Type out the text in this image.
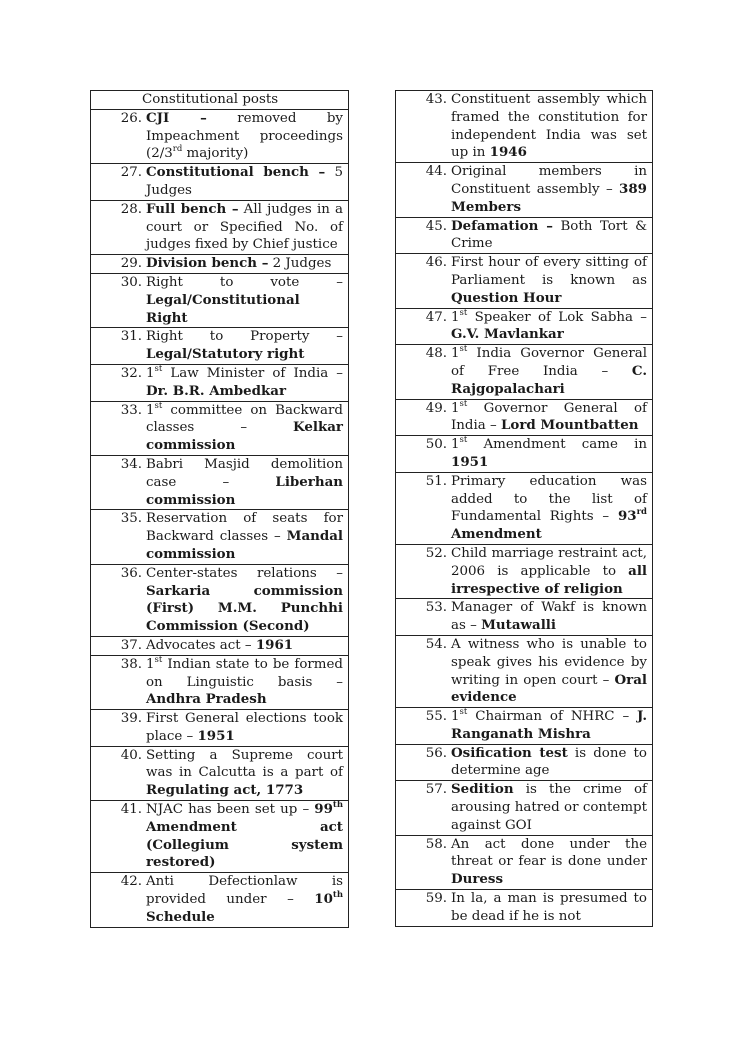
Constitutional posts

26. CJI – removed by Impeachment proceedings (2/3rd majority)

27. Constitutional bench – 5 Judges

28. Full bench – All judges in a court or Specified No. of judges fixed by Chief justice

29. Division bench – 2 Judges

30. Right to vote – Legal/Constitutional Right

31. Right to Property – Legal/Statutory right

32. 1st Law Minister of India – Dr. B.R. Ambedkar

33. 1st committee on Backward classes – Kelkar commission

34. Babri Masjid demolition case – Liberhan commission

35. Reservation of seats for Backward classes – Mandal commission

36. Center-states relations – Sarkaria commission (First) M.M. Punchhi Commission (Second)

37. Advocates act – 1961

38. 1st Indian state to be formed on Linguistic basis – Andhra Pradesh

39. First General elections took place – 1951

40. Setting a Supreme court was in Calcutta is a part of Regulating act, 1773

41. NJAC has been set up – 99th Amendment act (Collegium system restored)

42. Anti Defectionlaw is provided under – 10th Schedule
43. Constituent assembly which framed the constitution for independent India was set up in 1946

44. Original members in Constituent assembly – 389 Members

45. Defamation – Both Tort & Crime

46. First hour of every sitting of Parliament is known as Question Hour

47. 1st Speaker of Lok Sabha – G.V. Mavlankar

48. 1st India Governor General of Free India – C. Rajgopalachari

49. 1st Governor General of India – Lord Mountbatten

50. 1st Amendment came in 1951

51. Primary education was added to the list of Fundamental Rights – 93rd Amendment

52. Child marriage restraint act, 2006 is applicable to all irrespective of religion

53. Manager of Wakf is known as – Mutawalli

54. A witness who is unable to speak gives his evidence by writing in open court – Oral evidence

55. 1st Chairman of NHRC – J. Ranganath Mishra

56. Osification test is done to determine age

57. Sedition is the crime of arousing hatred or contempt against GOI

58. An act done under the threat or fear is done under Duress

59. In la, a man is presumed to be dead if he is not
